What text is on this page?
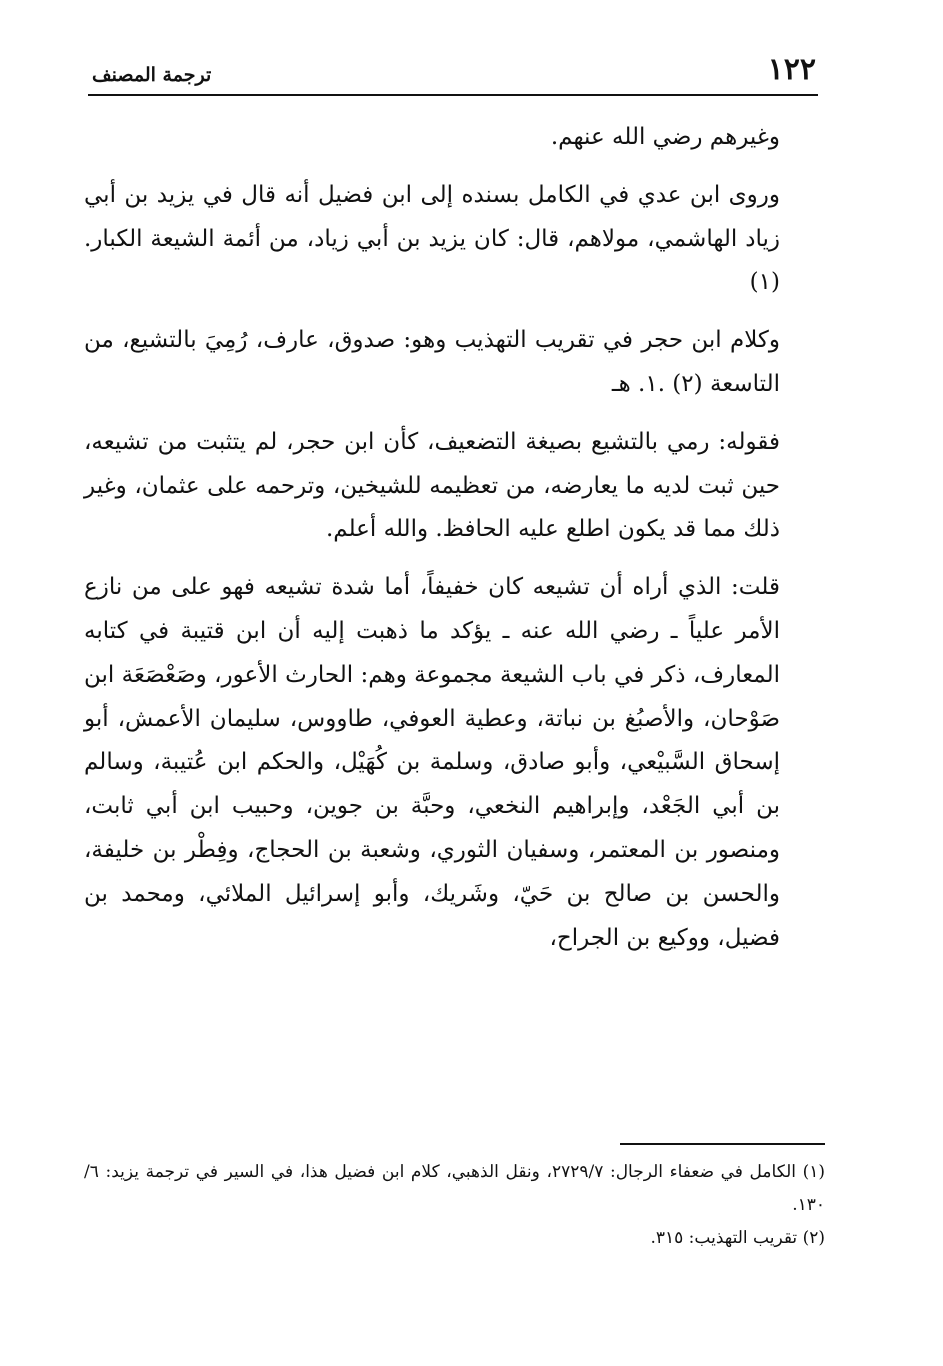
١٢٢
ترجمة المصنف

وغيرهم رضي الله عنهم.

وروى ابن عدي في الكامل بسنده إلى ابن فضيل أنه قال في يزيد بن أبي زياد الهاشمي، مولاهم، قال: كان يزيد بن أبي زياد، من أئمة الشيعة الكبار. (١)

وكلام ابن حجر في تقريب التهذيب وهو: صدوق، عارف، رُمِيَ بالتشيع، من التاسعة (٢) .١. هـ

فقوله: رمي بالتشيع بصيغة التضعيف، كأن ابن حجر، لم يتثبت من تشيعه، حين ثبت لديه ما يعارضه، من تعظيمه للشيخين، وترحمه على عثمان، وغير ذلك مما قد يكون اطلع عليه الحافظ. والله أعلم.

قلت: الذي أراه أن تشيعه كان خفيفاً، أما شدة تشيعه فهو على من نازع الأمر علياً ـ رضي الله عنه ـ يؤكد ما ذهبت إليه أن ابن قتيبة في كتابه المعارف، ذكر في باب الشيعة مجموعة وهم: الحارث الأعور، وصَعْصَعَة ابن صَوْحان، والأصبُغ بن نباتة، وعطية العوفي، طاووس، سليمان الأعمش، أبو إسحاق السَّبيْعي، وأبو صادق، وسلمة بن كُهَيْل، والحكم ابن عُتيبة، وسالم بن أبي الجَعْد، وإبراهيم النخعي، وحبَّة بن جوين، وحبيب ابن أبي ثابت، ومنصور بن المعتمر، وسفيان الثوري، وشعبة بن الحجاج، وفِطْر بن خليفة، والحسن بن صالح بن حَيّ، وشَريك، وأبو إسرائيل الملائي، ومحمد بن فضيل، ووكيع بن الجراح،

(١) الكامل في ضعفاء الرجال: ٢٧٢٩/٧، ونقل الذهبي، كلام ابن فضيل هذا، في السير في ترجمة يزيد: ٦/ ١٣٠.

(٢) تقريب التهذيب: ٣١٥.
